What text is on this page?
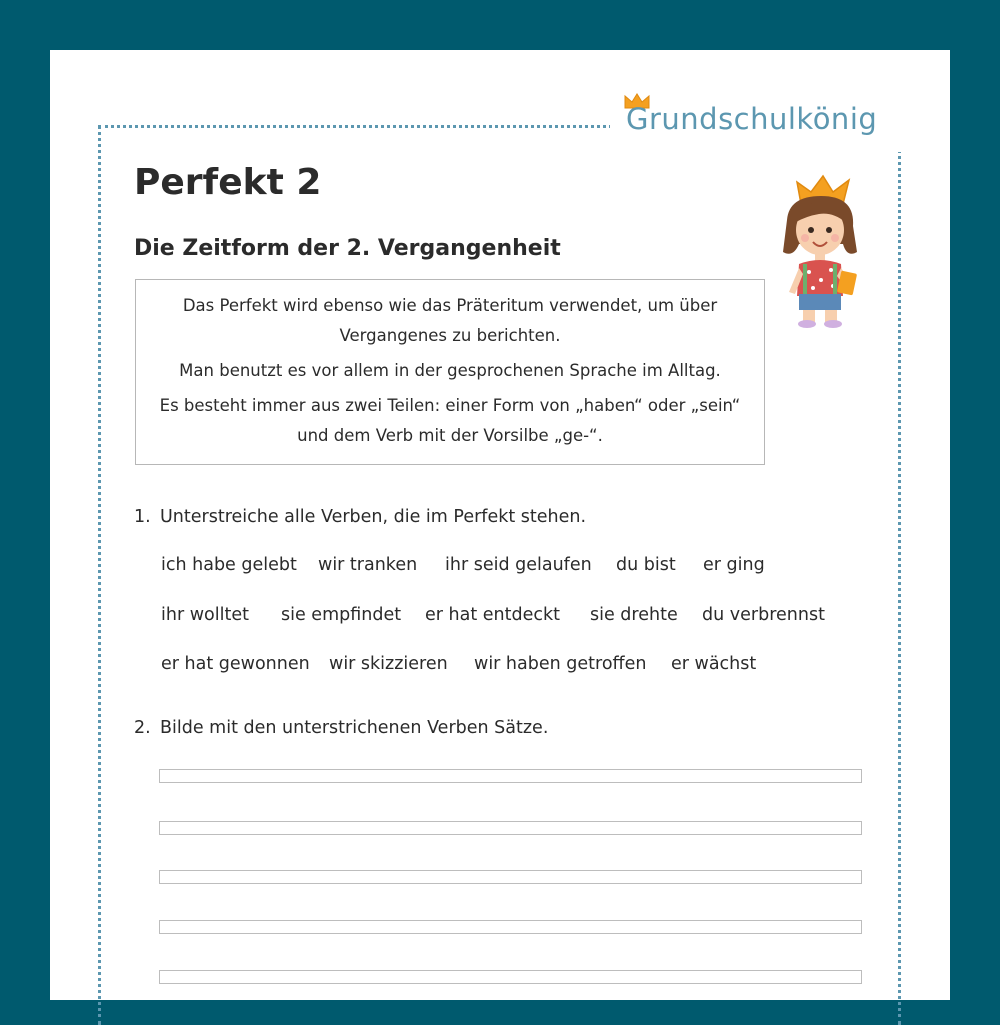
Grundschulkönig
Perfekt 2
Die Zeitform der 2. Vergangenheit

Das Perfekt wird ebenso wie das Präteritum verwendet, um über
Vergangenes zu berichten.

Man benutzt es vor allem in der gesprochenen Sprache im Alltag.

Es besteht immer aus zwei Teilen: einer Form von „haben“ oder „sein“
und dem Verb mit der Vorsilbe „ge-“.

1. Unterstreiche alle Verben, die im Perfekt stehen.
ich habe gelebt wir tranken ihr seid gelaufen du bist er ging
ihr wolltet sie empfindet er hat entdeckt sie drehte du verbrennst
er hat gewonnen wir skizzieren wir haben getroffen er wächst
2. Bilde mit den unterstrichenen Verben Sätze.
